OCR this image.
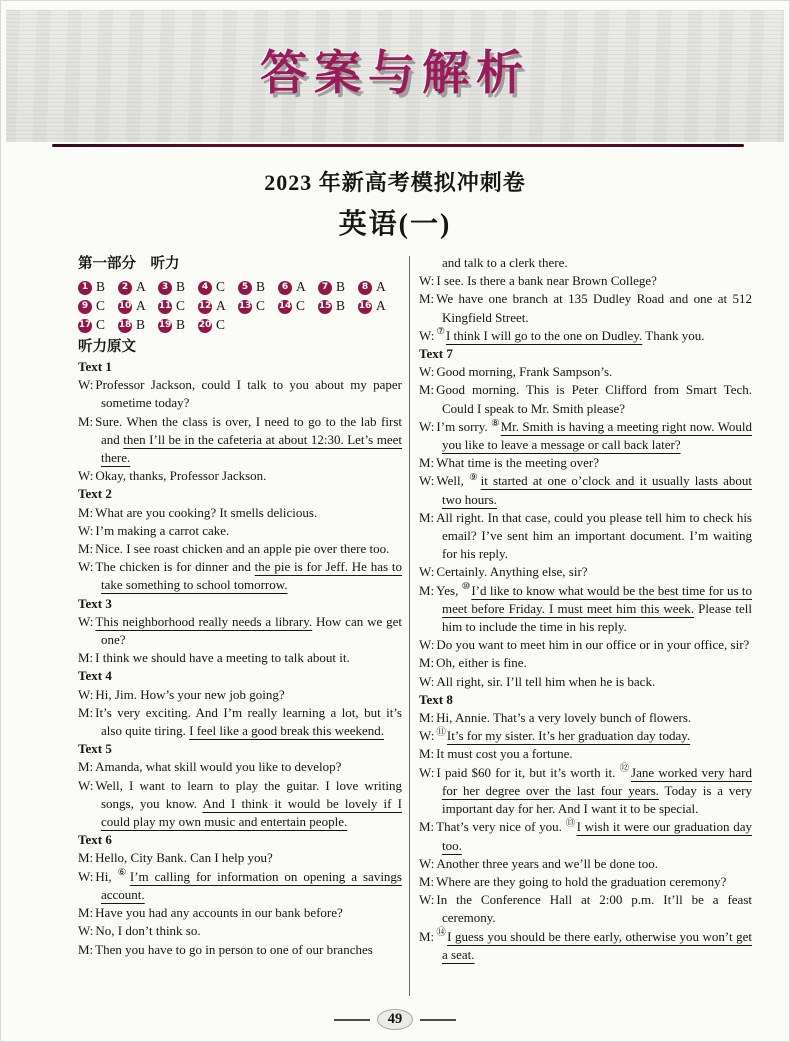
答案与解析
2023 年新高考模拟冲刺卷
英语(一)
第一部分　听力
1 B	2 A	3 B	4 C	5 B	6 A	7 B	8 A
9 C 10 A 11 C 12 A 13 C 14 C 15 B 16 A
17 C 18 B 19 B 20 C
听力原文
Text 1
W: Professor Jackson, could I talk to you about my paper sometime today?
M: Sure. When the class is over, I need to go to the lab first and then I’ll be in the cafeteria at about 12:30. Let’s meet there.
W: Okay, thanks, Professor Jackson.
Text 2
M: What are you cooking? It smells delicious.
W: I’m making a carrot cake.
M: Nice. I see roast chicken and an apple pie over there too.
W: The chicken is for dinner and the pie is for Jeff. He has to take something to school tomorrow.
Text 3
W: This neighborhood really needs a library. How can we get one?
M: I think we should have a meeting to talk about it.
Text 4
W: Hi, Jim. How’s your new job going?
M: It’s very exciting. And I’m really learning a lot, but it’s also quite tiring. I feel like a good break this weekend.
Text 5
M: Amanda, what skill would you like to develop?
W: Well, I want to learn to play the guitar. I love writing songs, you know. And I think it would be lovely if I could play my own music and entertain people.
Text 6
M: Hello, City Bank. Can I help you?
W: Hi, ⑥I’m calling for information on opening a savings account.
M: Have you had any accounts in our bank before?
W: No, I don’t think so.
M: Then you have to go in person to one of our branches
and talk to a clerk there.
W: I see. Is there a bank near Brown College?
M: We have one branch at 135 Dudley Road and one at 512 Kingfield Street.
W: ⑦I think I will go to the one on Dudley. Thank you.
Text 7
W: Good morning, Frank Sampson’s.
M: Good morning. This is Peter Clifford from Smart Tech. Could I speak to Mr. Smith please?
W: I’m sorry. ⑧Mr. Smith is having a meeting right now. Would you like to leave a message or call back later?
M: What time is the meeting over?
W: Well, ⑨it started at one o’clock and it usually lasts about two hours.
M: All right. In that case, could you please tell him to check his email? I’ve sent him an important document. I’m waiting for his reply.
W: Certainly. Anything else, sir?
M: Yes, ⑩I’d like to know what would be the best time for us to meet before Friday. I must meet him this week. Please tell him to include the time in his reply.
W: Do you want to meet him in our office or in your office, sir?
M: Oh, either is fine.
W: All right, sir. I’ll tell him when he is back.
Text 8
M: Hi, Annie. That’s a very lovely bunch of flowers.
W: ⑪It’s for my sister. It’s her graduation day today.
M: It must cost you a fortune.
W: I paid $60 for it, but it’s worth it. ⑫Jane worked very hard for her degree over the last four years. Today is a very important day for her. And I want it to be special.
M: That’s very nice of you. ⑬I wish it were our graduation day too.
W: Another three years and we’ll be done too.
M: Where are they going to hold the graduation ceremony?
W: In the Conference Hall at 2:00 p.m. It’ll be a feast ceremony.
M: ⑭I guess you should be there early, otherwise you won’t get a seat.
49
